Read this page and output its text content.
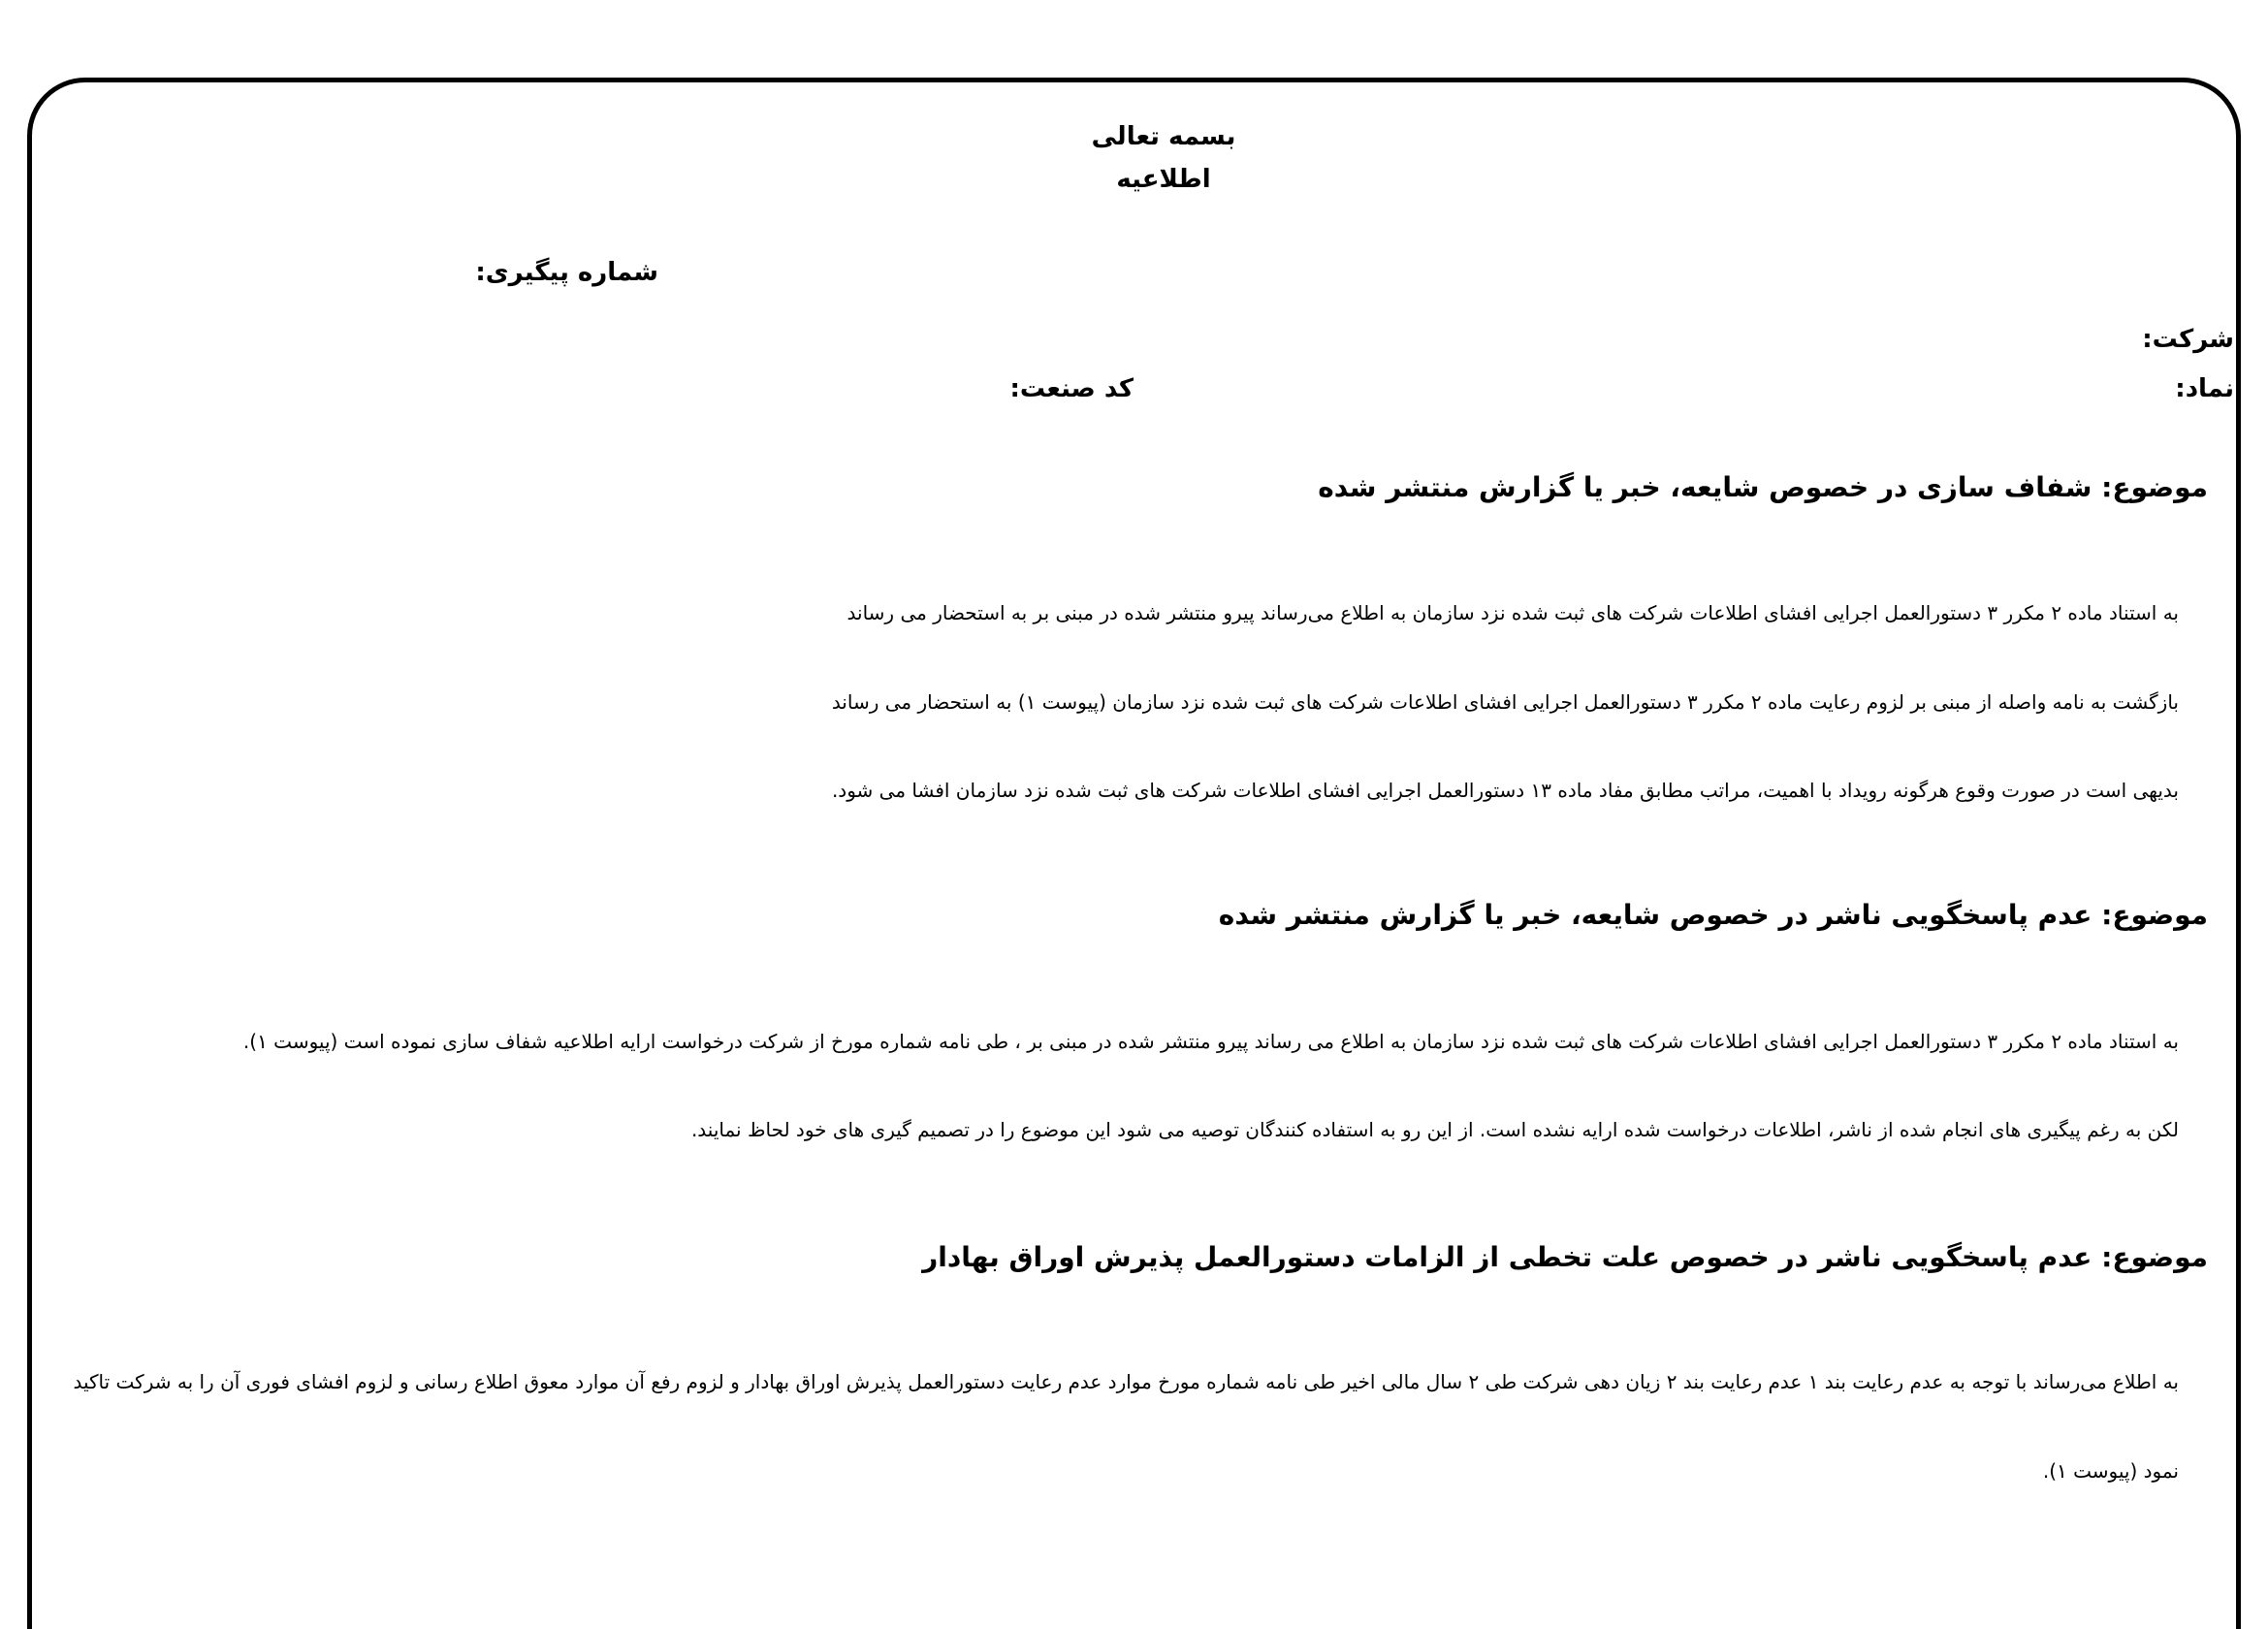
بسمه تعالی

اطلاعیه

شماره پیگیری:

شرکت:

نماد:

کد صنعت:

موضوع: شفاف سازی در خصوص شایعه، خبر یا گزارش منتشر شده

به استناد ماده ۲ مکرر ۳ دستورالعمل اجرایی افشای اطلاعات شرکت های ثبت شده نزد سازمان به اطلاع می‌رساند پیرو منتشر شده در مبنی بر به استحضار می رساند

بازگشت به نامه واصله از مبنی بر لزوم رعایت ماده ۲ مکرر ۳ دستورالعمل اجرایی افشای اطلاعات شرکت های ثبت شده نزد سازمان (پیوست ۱) به استحضار می رساند

بدیهی است در صورت وقوع هرگونه رویداد با اهمیت، مراتب مطابق مفاد ماده ۱۳ دستورالعمل اجرایی افشای اطلاعات شرکت های ثبت شده نزد سازمان افشا می شود.

موضوع: عدم پاسخگویی ناشر در خصوص شایعه، خبر یا گزارش منتشر شده

به استناد ماده ۲ مکرر ۳ دستورالعمل اجرایی افشای اطلاعات شرکت های ثبت شده نزد سازمان به اطلاع می رساند پیرو منتشر شده در مبنی بر ، طی نامه شماره مورخ از شرکت درخواست ارایه اطلاعیه شفاف سازی نموده است (پیوست ۱).

لکن به رغم پیگیری های انجام شده از ناشر، اطلاعات درخواست شده ارایه نشده است. از این رو به استفاده کنندگان توصیه می شود این موضوع را در تصمیم گیری های خود لحاظ نمایند.

موضوع: عدم پاسخگویی ناشر در خصوص علت تخطی از الزامات دستورالعمل پذیرش اوراق بهادار

به اطلاع می‌رساند با توجه به عدم رعایت بند ۱ عدم رعایت بند ۲ زیان دهی شرکت طی ۲ سال مالی اخیر طی نامه شماره مورخ موارد عدم رعایت دستورالعمل پذیرش اوراق بهادار و لزوم رفع آن موارد معوق اطلاع رسانی و لزوم افشای فوری آن را به شرکت تاکید

نمود (پیوست ۱).
